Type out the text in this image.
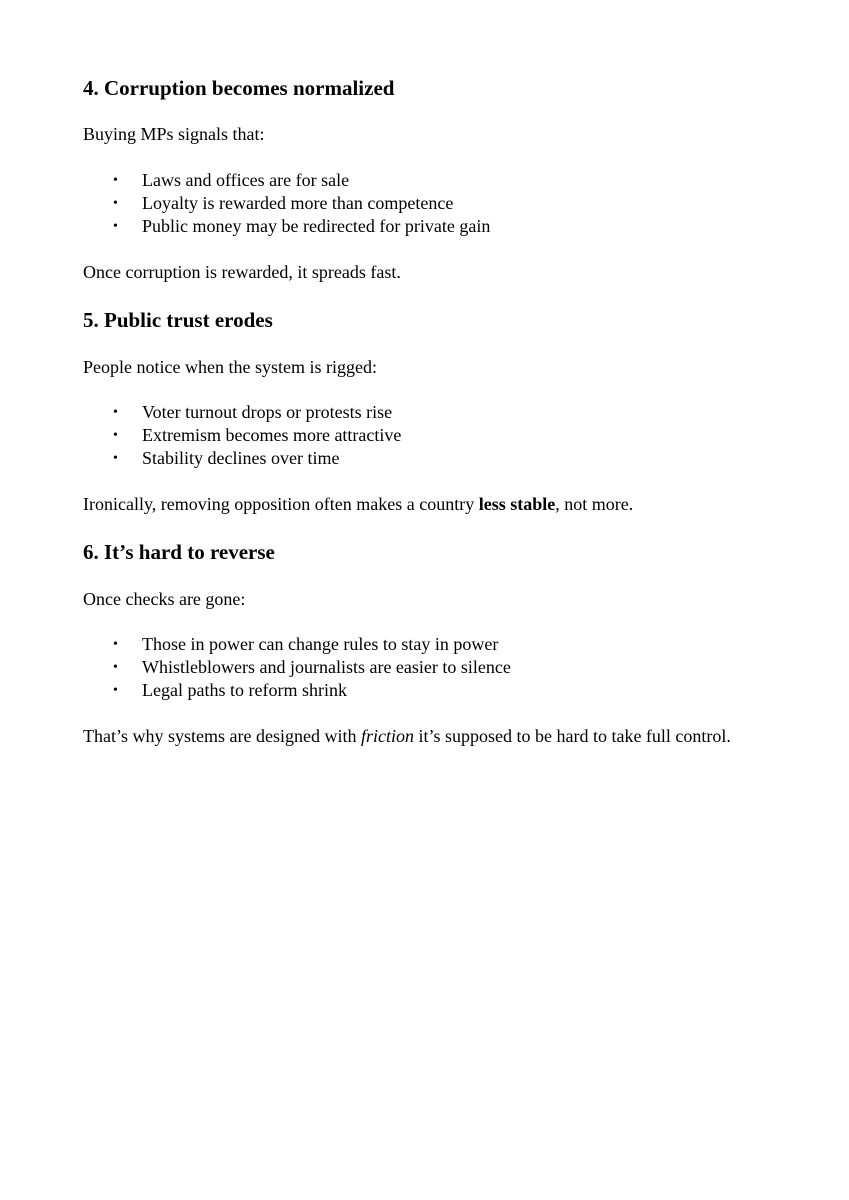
4. Corruption becomes normalized

Buying MPs signals that:

• Laws and offices are for sale
• Loyalty is rewarded more than competence
• Public money may be redirected for private gain

Once corruption is rewarded, it spreads fast.

5. Public trust erodes

People notice when the system is rigged:

• Voter turnout drops or protests rise
• Extremism becomes more attractive
• Stability declines over time

Ironically, removing opposition often makes a country less stable, not more.

6. It’s hard to reverse

Once checks are gone:

• Those in power can change rules to stay in power
• Whistleblowers and journalists are easier to silence
• Legal paths to reform shrink

That’s why systems are designed with friction it’s supposed to be hard to take full control.
